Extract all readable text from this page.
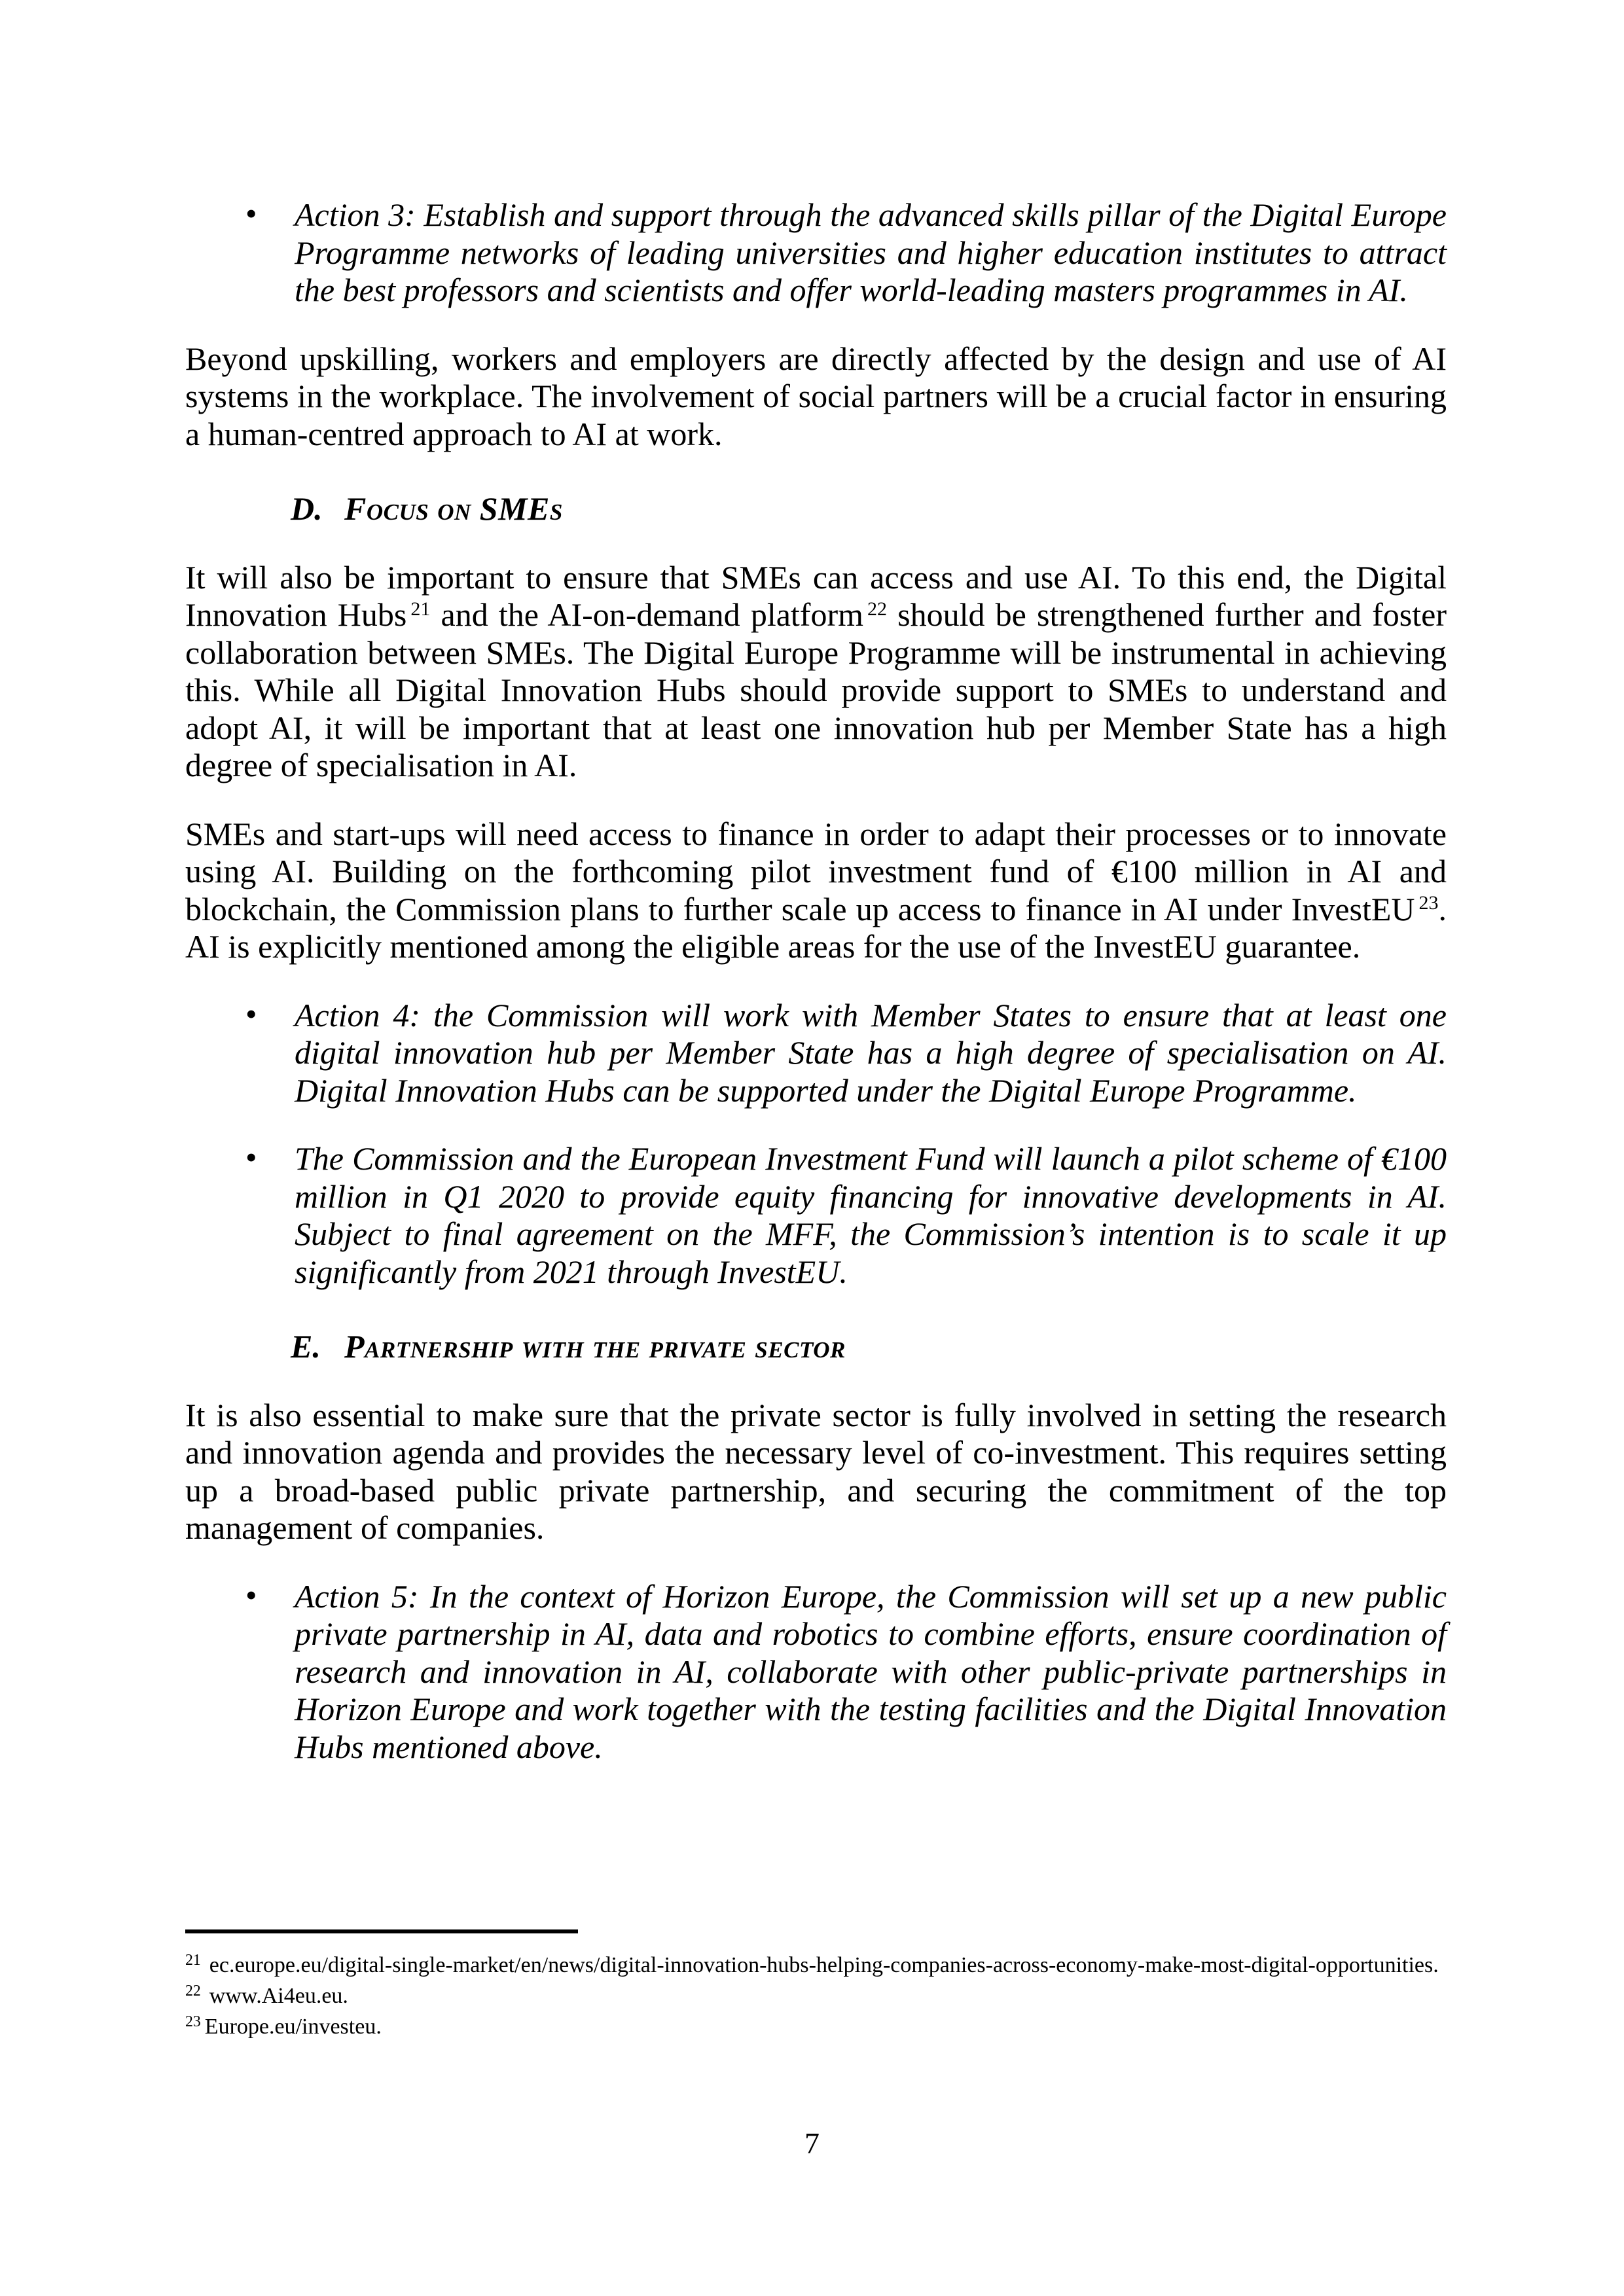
• Action 3: Establish and support through the advanced skills pillar of the Digital Europe Programme networks of leading universities and higher education institutes to attract the best professors and scientists and offer world-leading masters programmes in AI.

Beyond upskilling, workers and employers are directly affected by the design and use of AI systems in the workplace. The involvement of social partners will be a crucial factor in ensuring a human-centred approach to AI at work.

D. Focus on SMEs

It will also be important to ensure that SMEs can access and use AI. To this end, the Digital Innovation Hubs $^{21}$ and the AI-on-demand platform $^{22}$ should be strengthened further and foster collaboration between SMEs. The Digital Europe Programme will be instrumental in achieving this. While all Digital Innovation Hubs should provide support to SMEs to understand and adopt AI, it will be important that at least one innovation hub per Member State has a high degree of specialisation in AI.

SMEs and start-ups will need access to finance in order to adapt their processes or to innovate using AI. Building on the forthcoming pilot investment fund of €100 million in AI and blockchain, the Commission plans to further scale up access to finance in AI under InvestEU $^{23}$. AI is explicitly mentioned among the eligible areas for the use of the InvestEU guarantee.

• Action 4: the Commission will work with Member States to ensure that at least one digital innovation hub per Member State has a high degree of specialisation on AI. Digital Innovation Hubs can be supported under the Digital Europe Programme.
• The Commission and the European Investment Fund will launch a pilot scheme of €100 million in Q1 2020 to provide equity financing for innovative developments in AI. Subject to final agreement on the MFF, the Commission’s intention is to scale it up significantly from 2021 through InvestEU.
E. Partnership with the private sector

It is also essential to make sure that the private sector is fully involved in setting the research and innovation agenda and provides the necessary level of co-investment. This requires setting up a broad-based public private partnership, and securing the commitment of the top management of companies.

• Action 5: In the context of Horizon Europe, the Commission will set up a new public private partnership in AI, data and robotics to combine efforts, ensure coordination of research and innovation in AI, collaborate with other public-private partnerships in Horizon Europe and work together with the testing facilities and the Digital Innovation Hubs mentioned above.
$^{21}$ ec.europe.eu/digital-single-market/en/news/digital-innovation-hubs-helping-companies-across-economy-make-most-digital-opportunities.
$^{22}$ www.Ai4eu.eu.
$^{23}$ Europe.eu/investeu.
7
